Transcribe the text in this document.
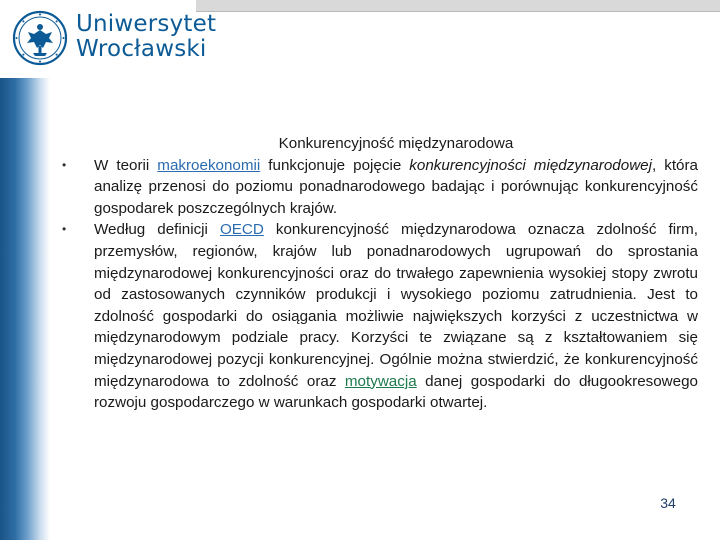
Uniwersytet
Wrocławski
Konkurencyjność międzynarodowa
• W teorii makroekonomii funkcjonuje pojęcie konkurencyjności międzynarodowej, która analizę przenosi do poziomu ponadnarodowego badając i porównując konkurencyjność gospodarek poszczególnych krajów.
• Według definicji OECD konkurencyjność międzynarodowa oznacza zdolność firm, przemysłów, regionów, krajów lub ponadnarodowych ugrupowań do sprostania międzynarodowej konkurencyjności oraz do trwałego zapewnienia wysokiej stopy zwrotu od zastosowanych czynników produkcji i wysokiego poziomu zatrudnienia. Jest to zdolność gospodarki do osiągania możliwie największych korzyści z uczestnictwa w międzynarodowym podziale pracy. Korzyści te związane są z kształtowaniem się międzynarodowej pozycji konkurencyjnej. Ogólnie można stwierdzić, że konkurencyjność międzynarodowa to zdolność oraz motywacja danej gospodarki do długookresowego rozwoju gospodarczego w warunkach gospodarki otwartej.
34
